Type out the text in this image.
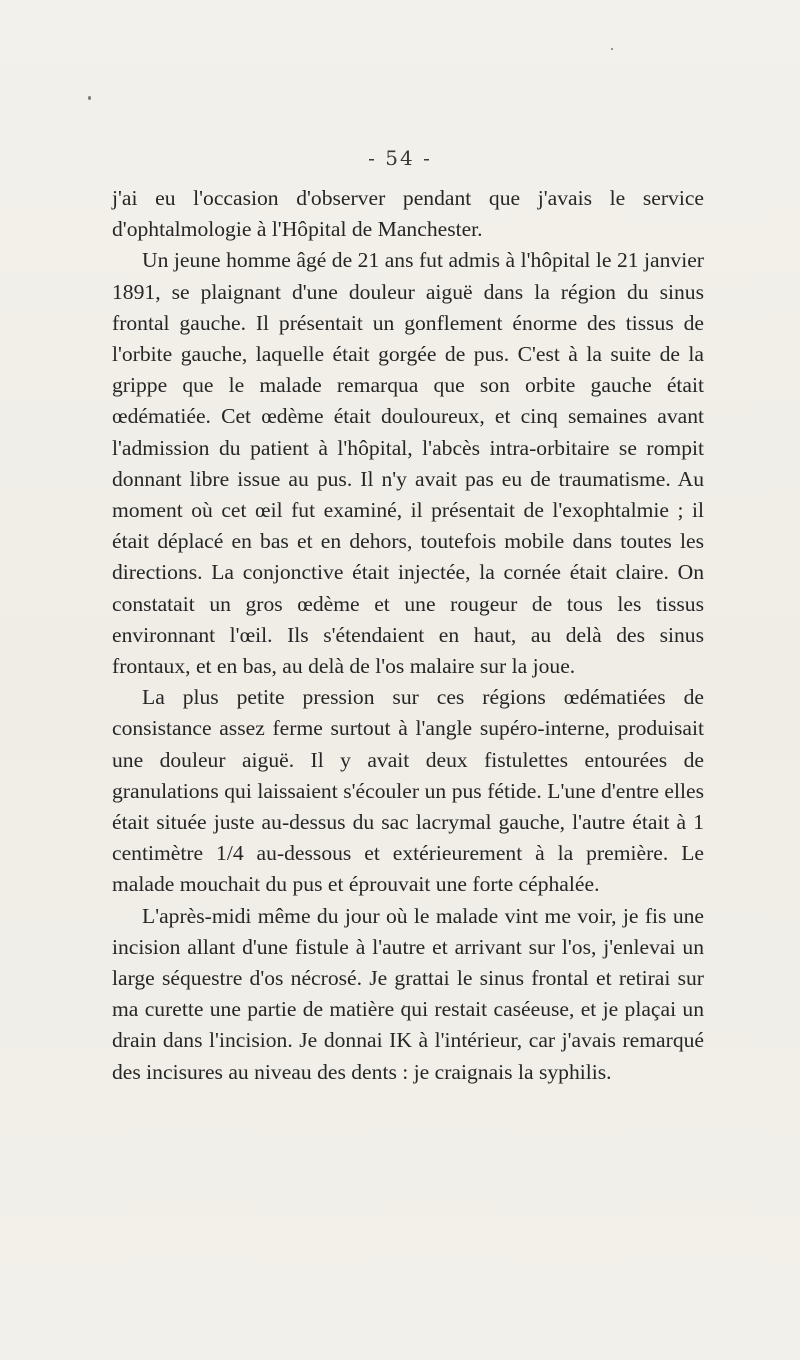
- 54 -

j'ai eu l'occasion d'observer pendant que j'avais le service d'ophtalmologie à l'Hôpital de Manchester.

Un jeune homme âgé de 21 ans fut admis à l'hôpital le 21 janvier 1891, se plaignant d'une douleur aiguë dans la région du sinus frontal gauche. Il présentait un gonflement énorme des tissus de l'orbite gauche, laquelle était gorgée de pus. C'est à la suite de la grippe que le malade remarqua que son orbite gauche était œdématiée. Cet œdème était douloureux, et cinq semaines avant l'admission du patient à l'hôpital, l'abcès intra-orbitaire se rompit donnant libre issue au pus. Il n'y avait pas eu de traumatisme. Au moment où cet œil fut examiné, il présentait de l'exophtalmie ; il était déplacé en bas et en dehors, toutefois mobile dans toutes les directions. La conjonctive était injectée, la cornée était claire. On constatait un gros œdème et une rougeur de tous les tissus environnant l'œil. Ils s'étendaient en haut, au delà des sinus frontaux, et en bas, au delà de l'os malaire sur la joue.

La plus petite pression sur ces régions œdématiées de consistance assez ferme surtout à l'angle supéro-interne, produisait une douleur aiguë. Il y avait deux fistulettes entourées de granulations qui laissaient s'écouler un pus fétide. L'une d'entre elles était située juste au-dessus du sac lacrymal gauche, l'autre était à 1 centimètre 1/4 au-dessous et extérieurement à la première. Le malade mouchait du pus et éprouvait une forte céphalée.

L'après-midi même du jour où le malade vint me voir, je fis une incision allant d'une fistule à l'autre et arrivant sur l'os, j'enlevai un large séquestre d'os nécrosé. Je grattai le sinus frontal et retirai sur ma curette une partie de matière qui restait caséeuse, et je plaçai un drain dans l'incision. Je donnai IK à l'intérieur, car j'avais remarqué des incisures au niveau des dents : je craignais la syphilis.
